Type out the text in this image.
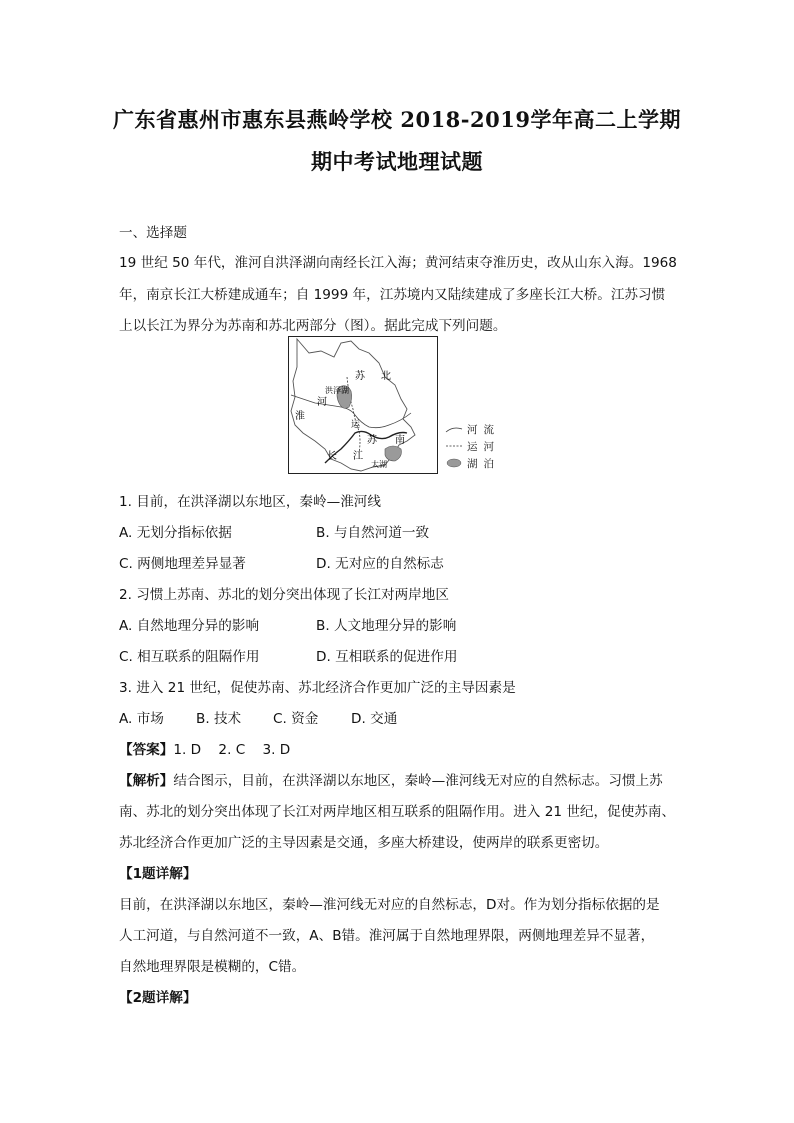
广东省惠州市惠东县燕岭学校 2018-2019学年高二上学期
期中考试地理试题
一、选择题
19 世纪 50 年代，淮河自洪泽湖向南经长江入海；黄河结束夺淮历史，改从山东入海。1968
年，南京长江大桥建成通车；自 1999 年，江苏境内又陆续建成了多座长江大桥。江苏习惯
上以长江为界分为苏南和苏北两部分（图）。据此完成下列问题。
苏 北
洪泽湖
淮
河
运
苏 南
长 江
太湖
河流
运河
湖泊
1. 目前，在洪泽湖以东地区，秦岭—淮河线
A. 无划分指标依据	B. 与自然河道一致
C. 两侧地理差异显著	D. 无对应的自然标志
2. 习惯上苏南、苏北的划分突出体现了长江对两岸地区
A. 自然地理分异的影响	B. 人文地理分异的影响
C. 相互联系的阻隔作用	D. 互相联系的促进作用
3. 进入 21 世纪，促使苏南、苏北经济合作更加广泛的主导因素是
A. 市场 B. 技术 C. 资金 D. 交通
【答案】1. D    2. C    3. D
【解析】结合图示，目前，在洪泽湖以东地区，秦岭—淮河线无对应的自然标志。习惯上苏
南、苏北的划分突出体现了长江对两岸地区相互联系的阻隔作用。进入 21 世纪，促使苏南、
苏北经济合作更加广泛的主导因素是交通，多座大桥建设，使两岸的联系更密切。
【1题详解】
目前，在洪泽湖以东地区，秦岭—淮河线无对应的自然标志，D对。作为划分指标依据的是
人工河道，与自然河道不一致，A、B错。淮河属于自然地理界限，两侧地理差异不显著，
自然地理界限是模糊的，C错。
【2题详解】
